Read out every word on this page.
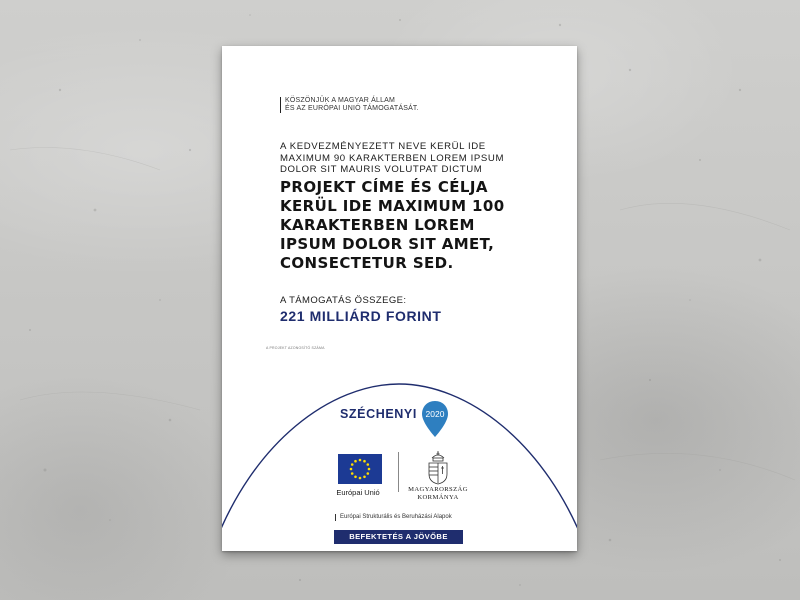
KÖSZÖNJÜK A MAGYAR ÁLLAM
ÉS AZ EURÓPAI UNIÓ TÁMOGATÁSÁT.
A KEDVEZMÉNYEZETT NEVE KERÜL IDE
MAXIMUM 90 KARAKTERBEN LOREM IPSUM
DOLOR SIT MAURIS VOLUTPAT DICTUM
PROJEKT CÍME ÉS CÉLJA
KERÜL IDE MAXIMUM 100
KARAKTERBEN LOREM
IPSUM DOLOR SIT AMET,
CONSECTETUR SED.
A TÁMOGATÁS ÖSSZEGE:
221 MILLIÁRD FORINT
A PROJEKT AZONOSÍTÓ SZÁMA
SZÉCHENYI 2020
Európai Unió	MAGYARORSZÁG
KORMÁNYA
Európai Strukturális és Beruházási Alapok
BEFEKTETÉS A JÖVŐBE
